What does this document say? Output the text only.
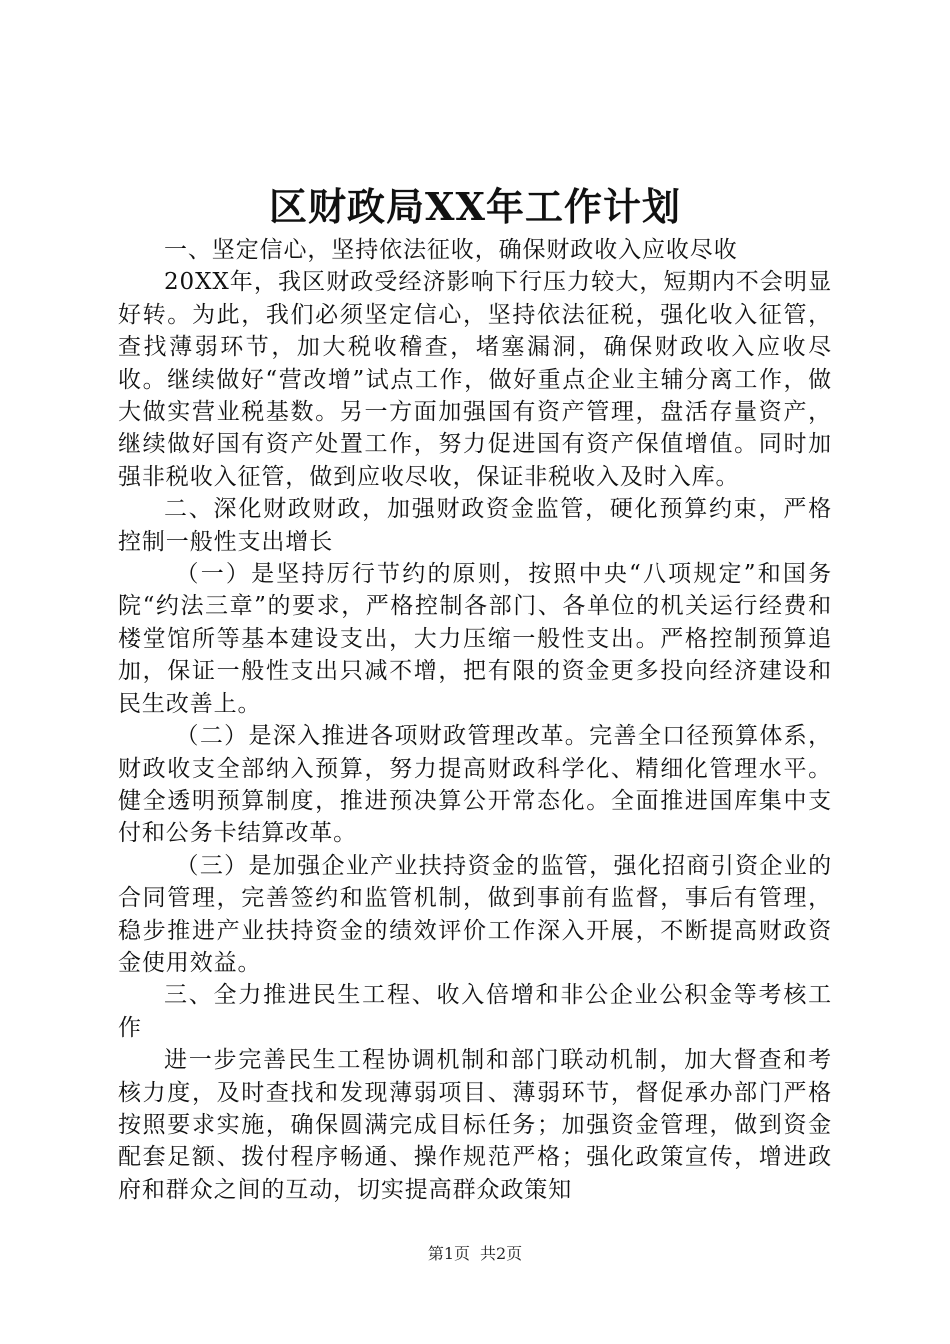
区财政局XX年工作计划

一、坚定信心，坚持依法征收，确保财政收入应收尽收

20XX年，我区财政受经济影响下行压力较大，短期内不会明显好转。为此，我们必须坚定信心，坚持依法征税，强化收入征管，查找薄弱环节，加大税收稽查，堵塞漏洞，确保财政收入应收尽收。继续做好“营改增”试点工作，做好重点企业主辅分离工作，做大做实营业税基数。另一方面加强国有资产管理，盘活存量资产，继续做好国有资产处置工作，努力促进国有资产保值增值。同时加强非税收入征管，做到应收尽收，保证非税收入及时入库。

二、深化财政财政，加强财政资金监管，硬化预算约束，严格控制一般性支出增长

（一）是坚持厉行节约的原则，按照中央“八项规定”和国务院“约法三章”的要求，严格控制各部门、各单位的机关运行经费和楼堂馆所等基本建设支出，大力压缩一般性支出。严格控制预算追加，保证一般性支出只减不增，把有限的资金更多投向经济建设和民生改善上。

（二）是深入推进各项财政管理改革。完善全口径预算体系，财政收支全部纳入预算，努力提高财政科学化、精细化管理水平。健全透明预算制度，推进预决算公开常态化。全面推进国库集中支付和公务卡结算改革。

（三）是加强企业产业扶持资金的监管，强化招商引资企业的合同管理，完善签约和监管机制，做到事前有监督，事后有管理，稳步推进产业扶持资金的绩效评价工作深入开展，不断提高财政资金使用效益。

三、全力推进民生工程、收入倍增和非公企业公积金等考核工作

进一步完善民生工程协调机制和部门联动机制，加大督查和考核力度，及时查找和发现薄弱项目、薄弱环节，督促承办部门严格按照要求实施，确保圆满完成目标任务；加强资金管理，做到资金配套足额、拨付程序畅通、操作规范严格；强化政策宣传，增进政府和群众之间的互动，切实提高群众政策知

第1页 共2页
